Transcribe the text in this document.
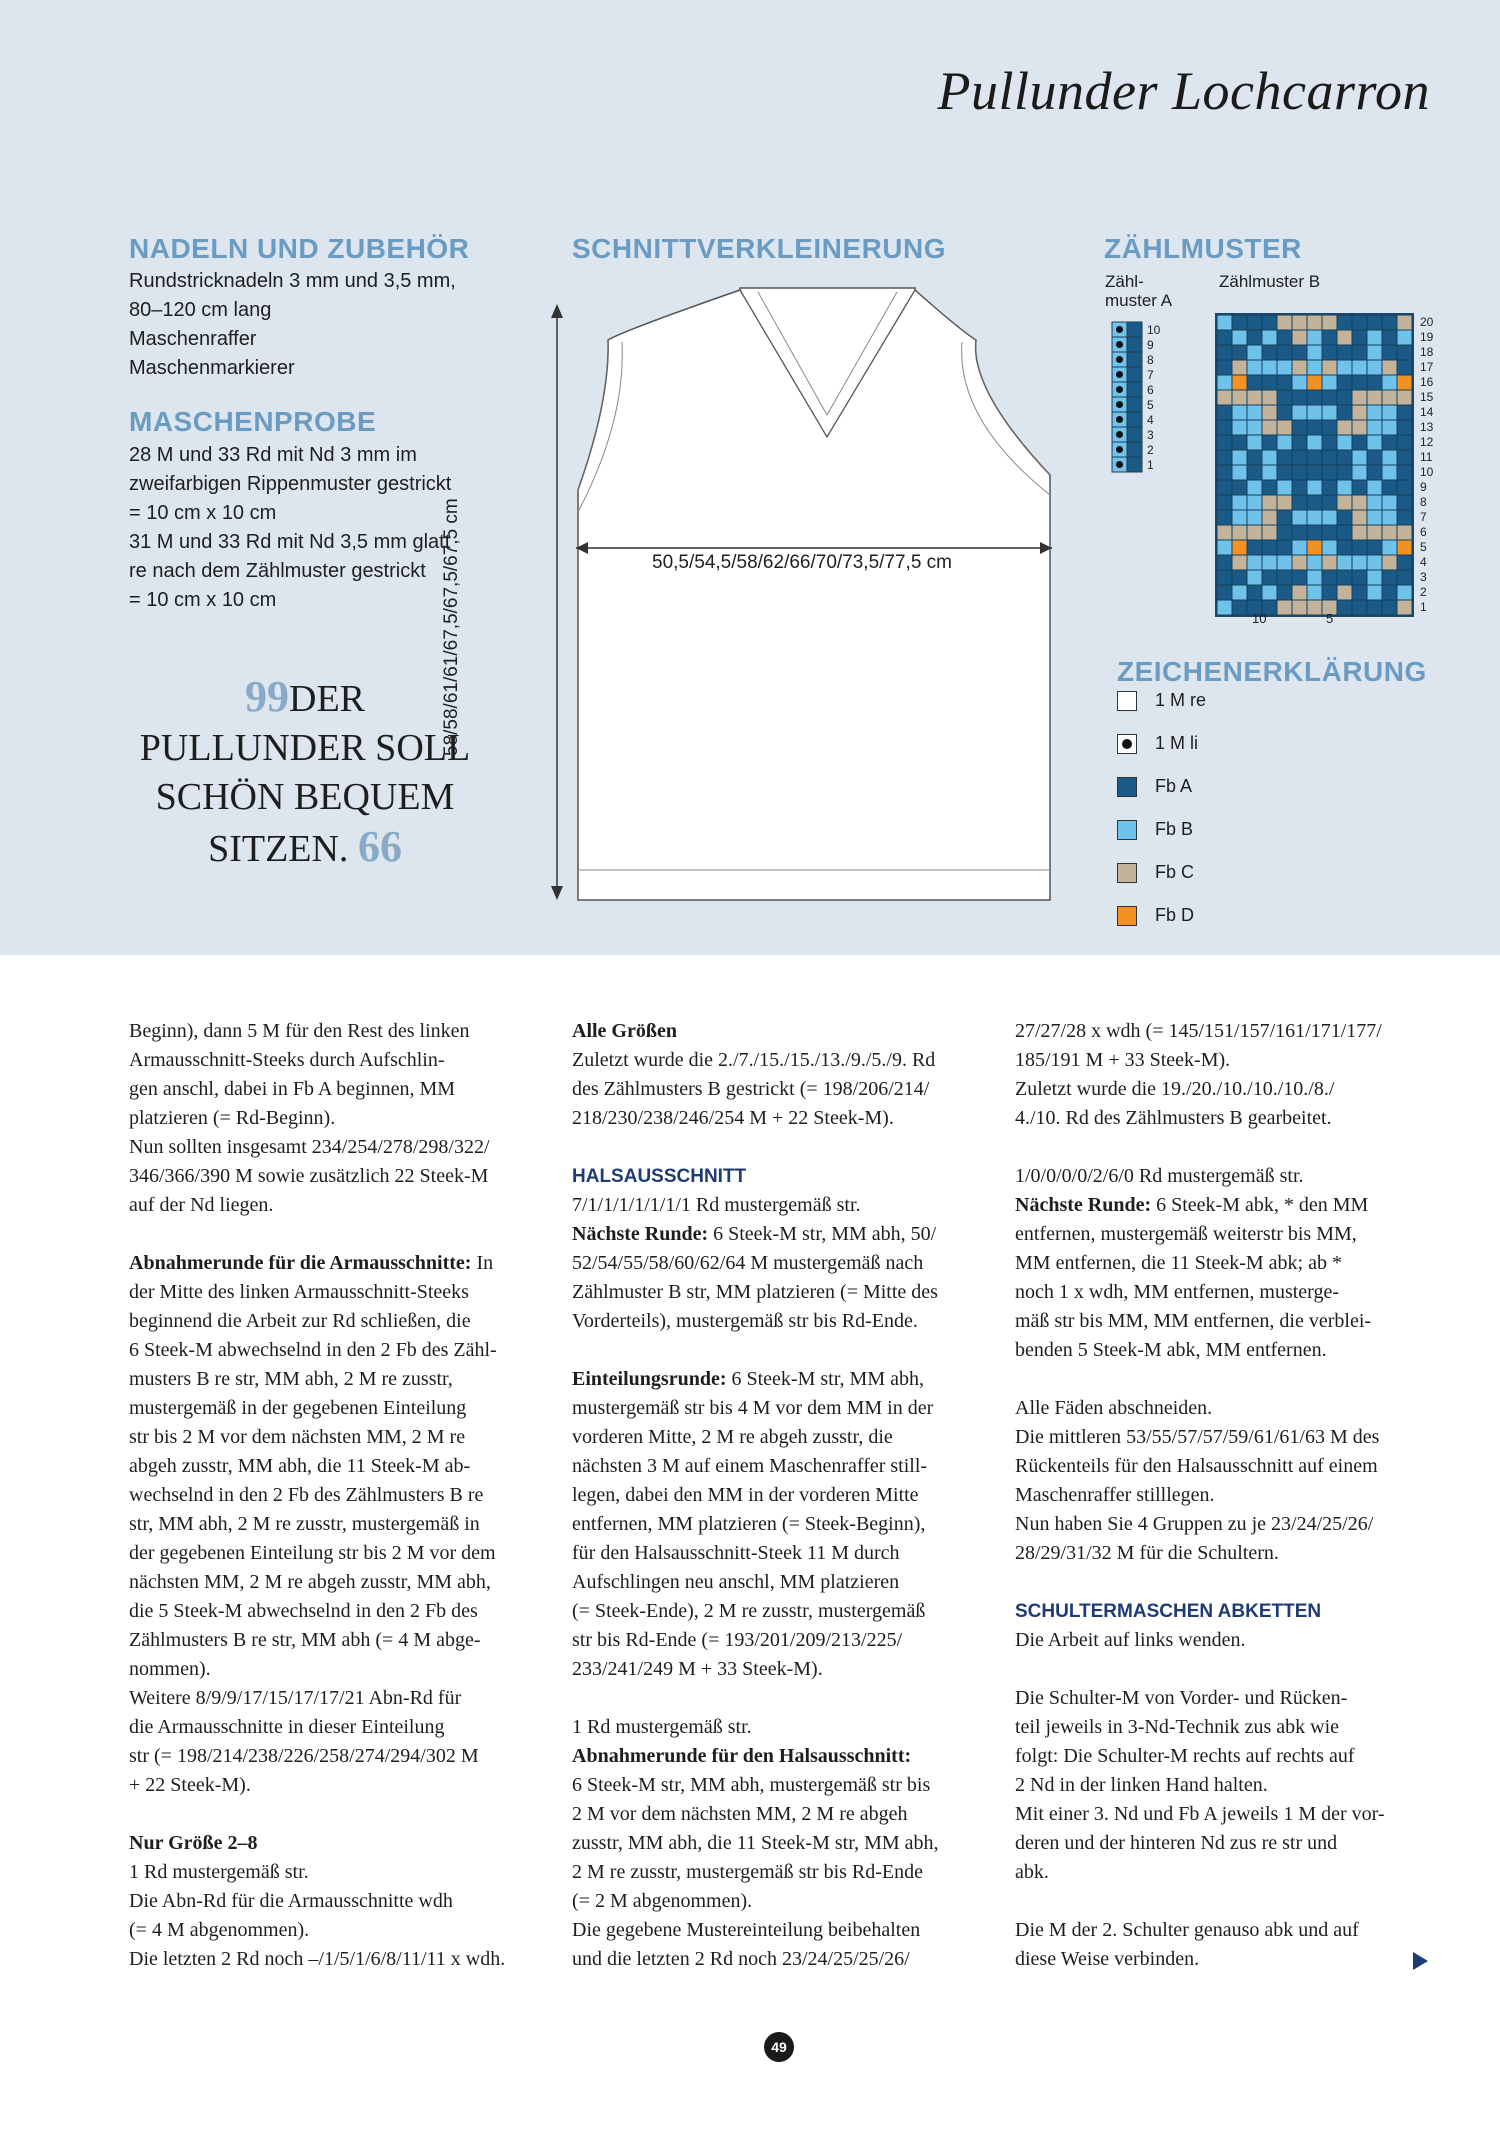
Pullunder Lochcarron
NADELN UND ZUBEHÖR
Rundstricknadeln 3 mm und 3,5 mm,
80–120 cm lang
Maschenraffer
Maschenmarkierer
MASCHENPROBE
28 M und 33 Rd mit Nd 3 mm im
zweifarbigen Rippenmuster gestrickt
= 10 cm x 10 cm
31 M und 33 Rd mit Nd 3,5 mm glatt
re nach dem Zählmuster gestrickt
= 10 cm x 10 cm
99DER
PULLUNDER SOLL
SCHÖN BEQUEM
SITZEN. 66
SCHNITTVERKLEINERUNG
50,5/54,5/58/62/66/70/73,5/77,5 cm
58/58/61/61/67,5/67,5/67,5 cm
ZÄHLMUSTER
Zähl-
muster A
Zählmuster B
10
9
8
7
6
5
4
3
2
1
20
19
18
17
16
15
14
13
12
11
10
9
8
7
6
5
4
3
2
1
10	5
ZEICHENERKLÄRUNG
1 M re
1 M li
Fb A
Fb B
Fb C
Fb D
Beginn), dann 5 M für den Rest des linken
Armausschnitt-Steeks durch Aufschlin-
gen anschl, dabei in Fb A beginnen, MM
platzieren (= Rd-Beginn).
Nun sollten insgesamt 234/254/278/298/322/
346/366/390 M sowie zusätzlich 22 Steek-M
auf der Nd liegen.
Abnahmerunde für die Armausschnitte: In
der Mitte des linken Armausschnitt-Steeks
beginnend die Arbeit zur Rd schließen, die
6 Steek-M abwechselnd in den 2 Fb des Zähl-
musters B re str, MM abh, 2 M re zusstr,
mustergemäß in der gegebenen Einteilung
str bis 2 M vor dem nächsten MM, 2 M re
abgeh zusstr, MM abh, die 11 Steek-M ab-
wechselnd in den 2 Fb des Zählmusters B re
str, MM abh, 2 M re zusstr, mustergemäß in
der gegebenen Einteilung str bis 2 M vor dem
nächsten MM, 2 M re abgeh zusstr, MM abh,
die 5 Steek-M abwechselnd in den 2 Fb des
Zählmusters B re str, MM abh (= 4 M abge-
nommen).
Weitere 8/9/9/17/15/17/17/21 Abn-Rd für
die Armausschnitte in dieser Einteilung
str (= 198/214/238/226/258/274/294/302 M
+ 22 Steek-M).
Nur Größe 2–8
1 Rd mustergemäß str.
Die Abn-Rd für die Armausschnitte wdh
(= 4 M abgenommen).
Die letzten 2 Rd noch –/1/5/1/6/8/11/11 x wdh.
Alle Größen
Zuletzt wurde die 2./7./15./15./13./9./5./9. Rd
des Zählmusters B gestrickt (= 198/206/214/
218/230/238/246/254 M + 22 Steek-M).
HALSAUSSCHNITT
7/1/1/1/1/1/1/1 Rd mustergemäß str.
Nächste Runde: 6 Steek-M str, MM abh, 50/
52/54/55/58/60/62/64 M mustergemäß nach
Zählmuster B str, MM platzieren (= Mitte des
Vorderteils), mustergemäß str bis Rd-Ende.
Einteilungsrunde: 6 Steek-M str, MM abh,
mustergemäß str bis 4 M vor dem MM in der
vorderen Mitte, 2 M re abgeh zusstr, die
nächsten 3 M auf einem Maschenraffer still-
legen, dabei den MM in der vorderen Mitte
entfernen, MM platzieren (= Steek-Beginn),
für den Halsausschnitt-Steek 11 M durch
Aufschlingen neu anschl, MM platzieren
(= Steek-Ende), 2 M re zusstr, mustergemäß
str bis Rd-Ende (= 193/201/209/213/225/
233/241/249 M + 33 Steek-M).
1 Rd mustergemäß str.
Abnahmerunde für den Halsausschnitt:
6 Steek-M str, MM abh, mustergemäß str bis
2 M vor dem nächsten MM, 2 M re abgeh
zusstr, MM abh, die 11 Steek-M str, MM abh,
2 M re zusstr, mustergemäß str bis Rd-Ende
(= 2 M abgenommen).
Die gegebene Mustereinteilung beibehalten
und die letzten 2 Rd noch 23/24/25/25/26/
27/27/28 x wdh (= 145/151/157/161/171/177/
185/191 M + 33 Steek-M).
Zuletzt wurde die 19./20./10./10./10./8./
4./10. Rd des Zählmusters B gearbeitet.
1/0/0/0/0/2/6/0 Rd mustergemäß str.
Nächste Runde: 6 Steek-M abk, * den MM
entfernen, mustergemäß weiterstr bis MM,
MM entfernen, die 11 Steek-M abk; ab *
noch 1 x wdh, MM entfernen, musterge-
mäß str bis MM, MM entfernen, die verblei-
benden 5 Steek-M abk, MM entfernen.
Alle Fäden abschneiden.
Die mittleren 53/55/57/57/59/61/61/63 M des
Rückenteils für den Halsausschnitt auf einem
Maschenraffer stilllegen.
Nun haben Sie 4 Gruppen zu je 23/24/25/26/
28/29/31/32 M für die Schultern.
SCHULTERMASCHEN ABKETTEN
Die Arbeit auf links wenden.
Die Schulter-M von Vorder- und Rücken-
teil jeweils in 3-Nd-Technik zus abk wie
folgt: Die Schulter-M rechts auf rechts auf
2 Nd in der linken Hand halten.
Mit einer 3. Nd und Fb A jeweils 1 M der vor-
deren und der hinteren Nd zus re str und
abk.
Die M der 2. Schulter genauso abk und auf
diese Weise verbinden.
49
